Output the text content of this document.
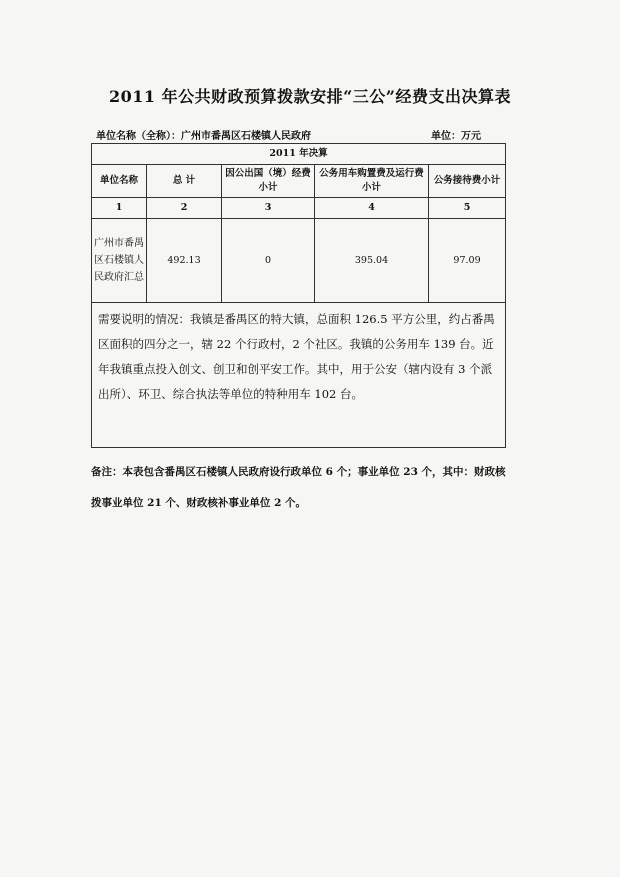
2011 年公共财政预算拨款安排“三公”经费支出决算表
单位名称（全称）：广州市番禺区石楼镇人民政府	单位：万元
2011 年决算				
单位名称	总 计	因公出国（境）经费小计	公务用车购置费及运行费小计	公务接待费小计
1	2	3	4	5
广州市番禺区石楼镇人民政府汇总	492.13	0	395.04	97.09
需要说明的情况：我镇是番禺区的特大镇，总面积 126.5 平方公里，约占番禺区面积的四分之一，辖 22 个行政村，2 个社区。我镇的公务用车 139 台。近年我镇重点投入创文、创卫和创平安工作。其中，用于公安（辖内设有 3 个派出所）、环卫、综合执法等单位的特种用车 102 台。				
备注：本表包含番禺区石楼镇人民政府设行政单位 6 个；事业单位 23 个，其中：财政核拨事业单位 21 个、财政核补事业单位 2 个。
